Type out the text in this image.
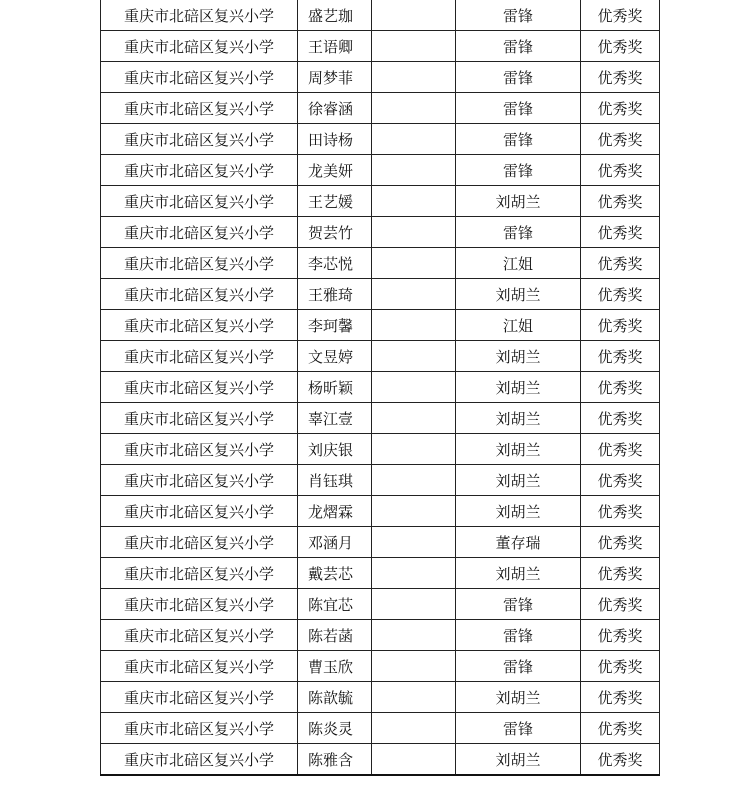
重庆市北碚区复兴小学	盛艺珈		雷锋	优秀奖
重庆市北碚区复兴小学	王语卿		雷锋	优秀奖
重庆市北碚区复兴小学	周梦菲		雷锋	优秀奖
重庆市北碚区复兴小学	徐睿涵		雷锋	优秀奖
重庆市北碚区复兴小学	田诗杨		雷锋	优秀奖
重庆市北碚区复兴小学	龙美妍		雷锋	优秀奖
重庆市北碚区复兴小学	王艺媛		刘胡兰	优秀奖
重庆市北碚区复兴小学	贺芸竹		雷锋	优秀奖
重庆市北碚区复兴小学	李芯悦		江姐	优秀奖
重庆市北碚区复兴小学	王雅琦		刘胡兰	优秀奖
重庆市北碚区复兴小学	李珂馨		江姐	优秀奖
重庆市北碚区复兴小学	文昱婷		刘胡兰	优秀奖
重庆市北碚区复兴小学	杨昕颖		刘胡兰	优秀奖
重庆市北碚区复兴小学	辜江壹		刘胡兰	优秀奖
重庆市北碚区复兴小学	刘庆银		刘胡兰	优秀奖
重庆市北碚区复兴小学	肖钰琪		刘胡兰	优秀奖
重庆市北碚区复兴小学	龙熠霖		刘胡兰	优秀奖
重庆市北碚区复兴小学	邓涵月		董存瑞	优秀奖
重庆市北碚区复兴小学	戴芸芯		刘胡兰	优秀奖
重庆市北碚区复兴小学	陈宜芯		雷锋	优秀奖
重庆市北碚区复兴小学	陈若菡		雷锋	优秀奖
重庆市北碚区复兴小学	曹玉欣		雷锋	优秀奖
重庆市北碚区复兴小学	陈歆毓		刘胡兰	优秀奖
重庆市北碚区复兴小学	陈炎灵		雷锋	优秀奖
重庆市北碚区复兴小学	陈雅含		刘胡兰	优秀奖
